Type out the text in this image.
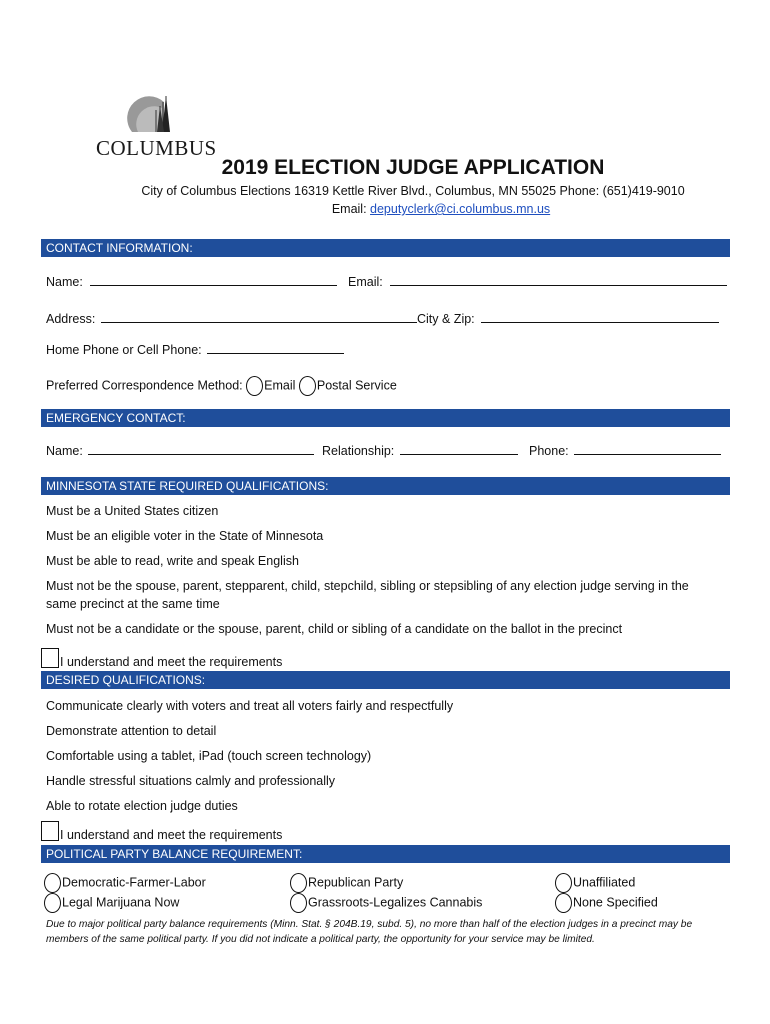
COLUMBUS
2019 ELECTION JUDGE APPLICATION
City of Columbus Elections 16319 Kettle River Blvd., Columbus, MN 55025 Phone: (651)419-9010
Email: deputyclerk@ci.columbus.mn.us
CONTACT INFORMATION:
Name:	Email:
Address:	City & Zip:
Home Phone or Cell Phone:
Preferred Correspondence Method: Email Postal Service
EMERGENCY CONTACT:
Name:	Relationship:	Phone:
MINNESOTA STATE REQUIRED QUALIFICATIONS:
Must be a United States citizen
Must be an eligible voter in the State of Minnesota
Must be able to read, write and speak English
Must not be the spouse, parent, stepparent, child, stepchild, sibling or stepsibling of any election judge serving in the
same precinct at the same time
Must not be a candidate or the spouse, parent, child or sibling of a candidate on the ballot in the precinct
I understand and meet the requirements
DESIRED QUALIFICATIONS:
Communicate clearly with voters and treat all voters fairly and respectfully
Demonstrate attention to detail
Comfortable using a tablet, iPad (touch screen technology)
Handle stressful situations calmly and professionally
Able to rotate election judge duties
I understand and meet the requirements
POLITICAL PARTY BALANCE REQUIREMENT:
Democratic-Farmer-Labor	Republican Party	Unaffiliated
Legal Marijuana Now	Grassroots-Legalizes Cannabis	None Specified
Due to major political party balance requirements (Minn. Stat. § 204B.19, subd. 5), no more than half of the election judges in a precinct may be
members of the same political party. If you did not indicate a political party, the opportunity for your service may be limited.
